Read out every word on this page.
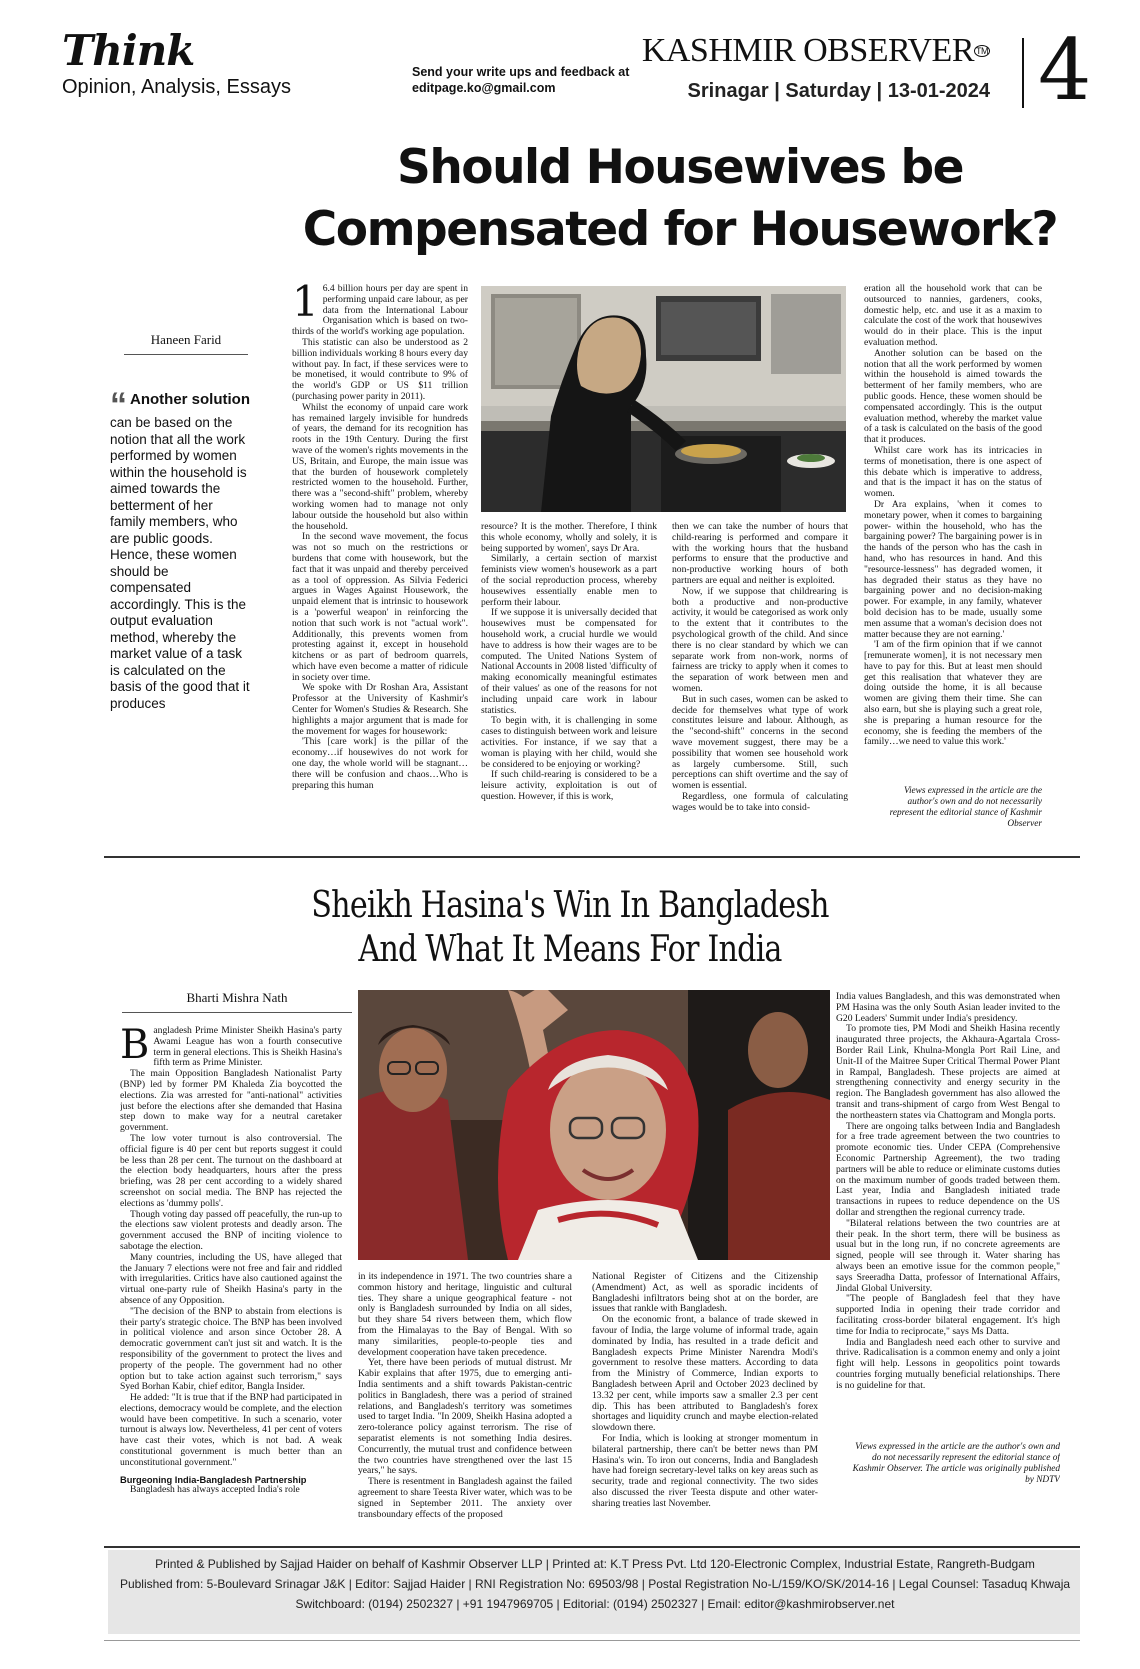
Think
Opinion, Analysis, Essays
Send your write ups and feedback at
editpage.ko@gmail.com
KASHMIR OBSERVER ™
Srinagar | Saturday | 13-01-2024 4
Should Housewives be
Compensated for Housework?
Haneen Farid
“ Another solution can be based on the notion that all the work performed by women within the household is aimed towards the betterment of her family members, who are public goods. Hence, these women should be compensated accordingly. This is the output evaluation method, whereby the market value of a task is calculated on the basis of the good that it produces
1 6.4 billion hours per day are spent in performing unpaid care labour, as per data from the International Labour Organisation which is based on two-thirds of the world's working age population.

This statistic can also be understood as 2 billion individuals working 8 hours every day without pay. In fact, if these services were to be monetised, it would contribute to 9% of the world's GDP or US $11 trillion (purchasing power parity in 2011).

Whilst the economy of unpaid care work has remained largely invisible for hundreds of years, the demand for its recognition has roots in the 19th Century. During the first wave of the women's rights movements in the US, Britain, and Europe, the main issue was that the burden of housework completely restricted women to the household. Further, there was a "second-shift" problem, whereby working women had to manage not only labour outside the household but also within the household.

In the second wave movement, the focus was not so much on the restrictions or burdens that come with housework, but the fact that it was unpaid and thereby perceived as a tool of oppression. As Silvia Federici argues in Wages Against Housework, the unpaid element that is intrinsic to housework is a 'powerful weapon' in reinforcing the notion that such work is not "actual work". Additionally, this prevents women from protesting against it, except in household kitchens or as part of bedroom quarrels, which have even become a matter of ridicule in society over time.

We spoke with Dr Roshan Ara, Assistant Professor at the University of Kashmir's Center for Women's Studies & Research. She highlights a major argument that is made for the movement for wages for housework:

'This [care work] is the pillar of the economy…if housewives do not work for one day, the whole world will be stagnant…there will be confusion and chaos…Who is preparing this human

resource? It is the mother. Therefore, I think this whole economy, wholly and solely, it is being supported by women', says Dr Ara.

Similarly, a certain section of marxist feminists view women's housework as a part of the social reproduction process, whereby housewives essentially enable men to perform their labour.

If we suppose it is universally decided that housewives must be compensated for household work, a crucial hurdle we would have to address is how their wages are to be computed. The United Nations System of National Accounts in 2008 listed 'difficulty of making economically meaningful estimates of their values' as one of the reasons for not including unpaid care work in labour statistics.

To begin with, it is challenging in some cases to distinguish between work and leisure activities. For instance, if we say that a woman is playing with her child, would she be considered to be enjoying or working?

If such child-rearing is considered to be a leisure activity, exploitation is out of question. However, if this is work,

then we can take the number of hours that child-rearing is performed and compare it with the working hours that the husband performs to ensure that the productive and non-productive working hours of both partners are equal and neither is exploited.

Now, if we suppose that childrearing is both a productive and non-productive activity, it would be categorised as work only to the extent that it contributes to the psychological growth of the child. And since there is no clear standard by which we can separate work from non-work, norms of fairness are tricky to apply when it comes to the separation of work between men and women.

But in such cases, women can be asked to decide for themselves what type of work constitutes leisure and labour. Although, as the "second-shift" concerns in the second wave movement suggest, there may be a possibility that women see household work as largely cumbersome. Still, such perceptions can shift overtime and the say of women is essential.

Regardless, one formula of calculating wages would be to take into consid-

eration all the household work that can be outsourced to nannies, gardeners, cooks, domestic help, etc. and use it as a maxim to calculate the cost of the work that housewives would do in their place. This is the input evaluation method.

Another solution can be based on the notion that all the work performed by women within the household is aimed towards the betterment of her family members, who are public goods. Hence, these women should be compensated accordingly. This is the output evaluation method, whereby the market value of a task is calculated on the basis of the good that it produces.

Whilst care work has its intricacies in terms of monetisation, there is one aspect of this debate which is imperative to address, and that is the impact it has on the status of women.

Dr Ara explains, 'when it comes to monetary power, when it comes to bargaining power- within the household, who has the bargaining power? The bargaining power is in the hands of the person who has the cash in hand, who has resources in hand. And this "resource-lessness" has degraded women, it has degraded their status as they have no bargaining power and no decision-making power. For example, in any family, whatever bold decision has to be made, usually some men assume that a woman's decision does not matter because they are not earning.'

'I am of the firm opinion that if we cannot [remunerate women], it is not necessary men have to pay for this. But at least men should get this realisation that whatever they are doing outside the home, it is all because women are giving them their time. She can also earn, but she is playing such a great role, she is preparing a human resource for the economy, she is feeding the members of the family…we need to value this work.'

Views expressed in the article are the author's own and do not necessarily represent the editorial stance of Kashmir Observer
Sheikh Hasina's Win In Bangladesh
And What It Means For India
Bharti Mishra Nath
B angladesh Prime Minister Sheikh Hasina's party Awami League has won a fourth consecutive term in general elections. This is Sheikh Hasina's fifth term as Prime Minister.

The main Opposition Bangladesh Nationalist Party (BNP) led by former PM Khaleda Zia boycotted the elections. Zia was arrested for "anti-national" activities just before the elections after she demanded that Hasina step down to make way for a neutral caretaker government.

The low voter turnout is also controversial. The official figure is 40 per cent but reports suggest it could be less than 28 per cent. The turnout on the dashboard at the election body headquarters, hours after the press briefing, was 28 per cent according to a widely shared screenshot on social media. The BNP has rejected the elections as 'dummy polls'.

Though voting day passed off peacefully, the run-up to the elections saw violent protests and deadly arson. The government accused the BNP of inciting violence to sabotage the election.

Many countries, including the US, have alleged that the January 7 elections were not free and fair and riddled with irregularities. Critics have also cautioned against the virtual one-party rule of Sheikh Hasina's party in the absence of any Opposition.

"The decision of the BNP to abstain from elections is their party's strategic choice. The BNP has been involved in political violence and arson since October 28. A democratic government can't just sit and watch. It is the responsibility of the government to protect the lives and property of the people. The government had no other option but to take action against such terrorism," says Syed Borhan Kabir, chief editor, Bangla Insider.

He added: "It is true that if the BNP had participated in elections, democracy would be complete, and the election would have been competitive. In such a scenario, voter turnout is always low. Nevertheless, 41 per cent of voters have cast their votes, which is not bad. A weak constitutional government is much better than an unconstitutional government."

Burgeoning India-Bangladesh Partnership

Bangladesh has always accepted India's role

in its independence in 1971. The two countries share a common history and heritage, linguistic and cultural ties. They share a unique geographical feature - not only is Bangladesh surrounded by India on all sides, but they share 54 rivers between them, which flow from the Himalayas to the Bay of Bengal. With so many similarities, people-to-people ties and development cooperation have taken precedence.

Yet, there have been periods of mutual distrust. Mr Kabir explains that after 1975, due to emerging anti-India sentiments and a shift towards Pakistan-centric politics in Bangladesh, there was a period of strained relations, and Bangladesh's territory was sometimes used to target India. "In 2009, Sheikh Hasina adopted a zero-tolerance policy against terrorism. The rise of separatist elements is not something India desires. Concurrently, the mutual trust and confidence between the two countries have strengthened over the last 15 years," he says.

There is resentment in Bangladesh against the failed agreement to share Teesta River water, which was to be signed in September 2011. The anxiety over transboundary effects of the proposed

National Register of Citizens and the Citizenship (Amendment) Act, as well as sporadic incidents of Bangladeshi infiltrators being shot at on the border, are issues that rankle with Bangladesh.

On the economic front, a balance of trade skewed in favour of India, the large volume of informal trade, again dominated by India, has resulted in a trade deficit and Bangladesh expects Prime Minister Narendra Modi's government to resolve these matters. According to data from the Ministry of Commerce, Indian exports to Bangladesh between April and October 2023 declined by 13.32 per cent, while imports saw a smaller 2.3 per cent dip. This has been attributed to Bangladesh's forex shortages and liquidity crunch and maybe election-related slowdown there.

For India, which is looking at stronger momentum in bilateral partnership, there can't be better news than PM Hasina's win. To iron out concerns, India and Bangladesh have had foreign secretary-level talks on key areas such as security, trade and regional connectivity. The two sides also discussed the river Teesta dispute and other water-sharing treaties last November.

India values Bangladesh, and this was demonstrated when PM Hasina was the only South Asian leader invited to the G20 Leaders' Summit under India's presidency.

To promote ties, PM Modi and Sheikh Hasina recently inaugurated three projects, the Akhaura-Agartala Cross-Border Rail Link, Khulna-Mongla Port Rail Line, and Unit-II of the Maitree Super Critical Thermal Power Plant in Rampal, Bangladesh. These projects are aimed at strengthening connectivity and energy security in the region. The Bangladesh government has also allowed the transit and trans-shipment of cargo from West Bengal to the northeastern states via Chattogram and Mongla ports.

There are ongoing talks between India and Bangladesh for a free trade agreement between the two countries to promote economic ties. Under CEPA (Comprehensive Economic Partnership Agreement), the two trading partners will be able to reduce or eliminate customs duties on the maximum number of goods traded between them. Last year, India and Bangladesh initiated trade transactions in rupees to reduce dependence on the US dollar and strengthen the regional currency trade.

"Bilateral relations between the two countries are at their peak. In the short term, there will be business as usual but in the long run, if no concrete agreements are signed, people will see through it. Water sharing has always been an emotive issue for the common people," says Sreeradha Datta, professor of International Affairs, Jindal Global University.

"The people of Bangladesh feel that they have supported India in opening their trade corridor and facilitating cross-border bilateral engagement. It's high time for India to reciprocate," says Ms Datta.

India and Bangladesh need each other to survive and thrive. Radicalisation is a common enemy and only a joint fight will help. Lessons in geopolitics point towards countries forging mutually beneficial relationships. There is no guideline for that.

Views expressed in the article are the author's own and do not necessarily represent the editorial stance of Kashmir Observer. The article was originally published by NDTV
Printed & Published by Sajjad Haider on behalf of Kashmir Observer LLP | Printed at: K.T Press Pvt. Ltd 120-Electronic Complex, Industrial Estate, Rangreth-Budgam
Published from: 5-Boulevard Srinagar J&K | Editor: Sajjad Haider | RNI Registration No: 69503/98 | Postal Registration No-L/159/KO/SK/2014-16 | Legal Counsel: Tasaduq Khwaja
Switchboard: (0194) 2502327 | +91 1947969705 | Editorial: (0194) 2502327 | Email: editor@kashmirobserver.net
